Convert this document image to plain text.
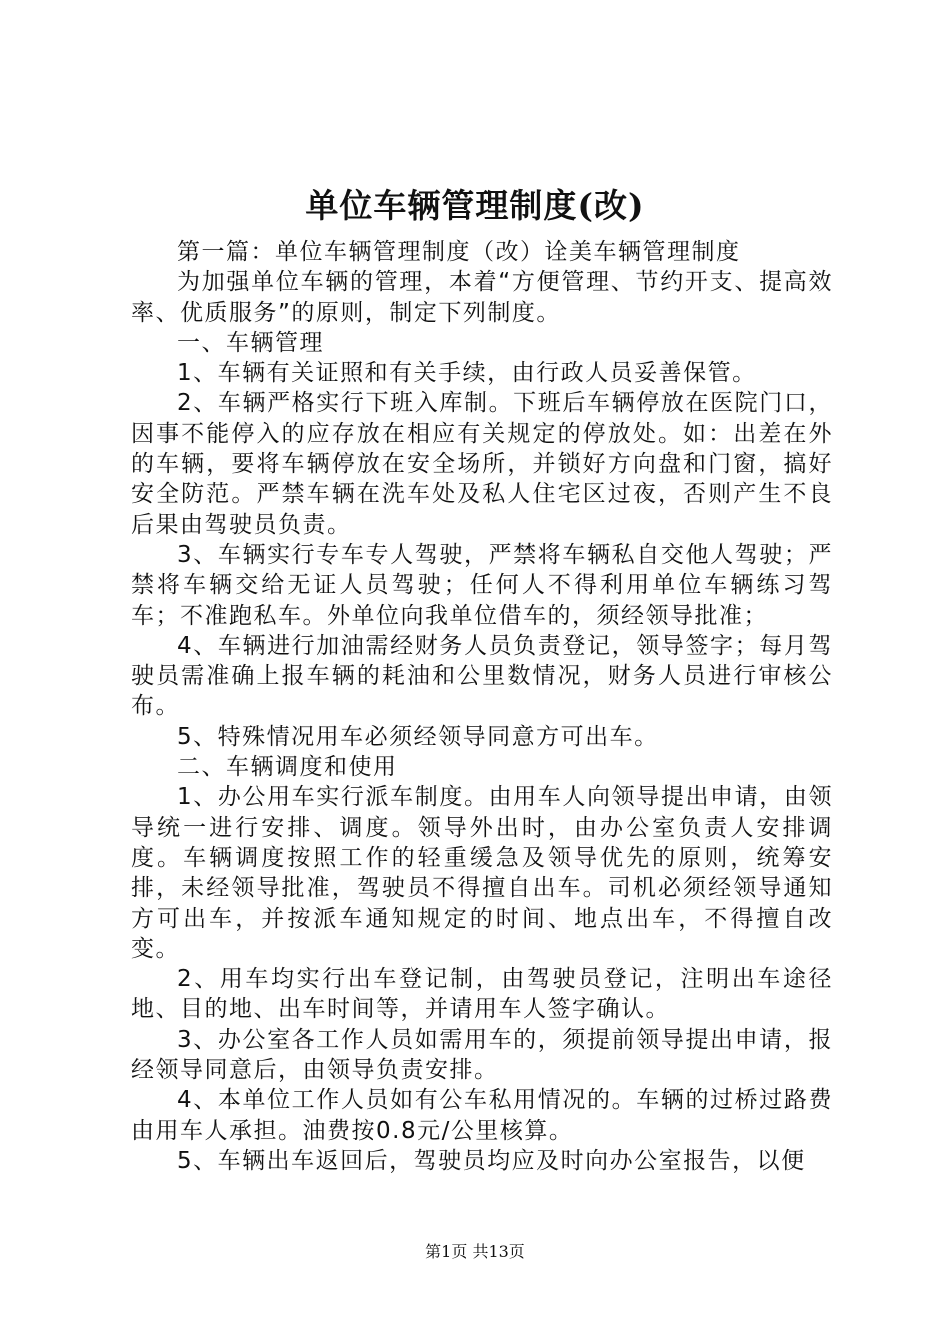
单位车辆管理制度(改)

第一篇：单位车辆管理制度（改）诠美车辆管理制度

为加强单位车辆的管理，本着“方便管理、节约开支、提高效率、优质服务”的原则，制定下列制度。

一、车辆管理

1、车辆有关证照和有关手续，由行政人员妥善保管。

2、车辆严格实行下班入库制。下班后车辆停放在医院门口，因事不能停入的应存放在相应有关规定的停放处。如：出差在外的车辆，要将车辆停放在安全场所，并锁好方向盘和门窗，搞好安全防范。严禁车辆在洗车处及私人住宅区过夜，否则产生不良后果由驾驶员负责。

3、车辆实行专车专人驾驶，严禁将车辆私自交他人驾驶；严禁将车辆交给无证人员驾驶；任何人不得利用单位车辆练习驾车；不准跑私车。外单位向我单位借车的，须经领导批准；

4、车辆进行加油需经财务人员负责登记，领导签字；每月驾驶员需准确上报车辆的耗油和公里数情况，财务人员进行审核公布。

5、特殊情况用车必须经领导同意方可出车。

二、车辆调度和使用

1、办公用车实行派车制度。由用车人向领导提出申请，由领导统一进行安排、调度。领导外出时，由办公室负责人安排调度。车辆调度按照工作的轻重缓急及领导优先的原则，统筹安排，未经领导批准，驾驶员不得擅自出车。司机必须经领导通知方可出车，并按派车通知规定的时间、地点出车，不得擅自改变。

2、用车均实行出车登记制，由驾驶员登记，注明出车途径地、目的地、出车时间等，并请用车人签字确认。

3、办公室各工作人员如需用车的，须提前领导提出申请，报经领导同意后，由领导负责安排。

4、本单位工作人员如有公车私用情况的。车辆的过桥过路费由用车人承担。油费按0.8元/公里核算。

5、车辆出车返回后，驾驶员均应及时向办公室报告，以便

第1页 共13页
